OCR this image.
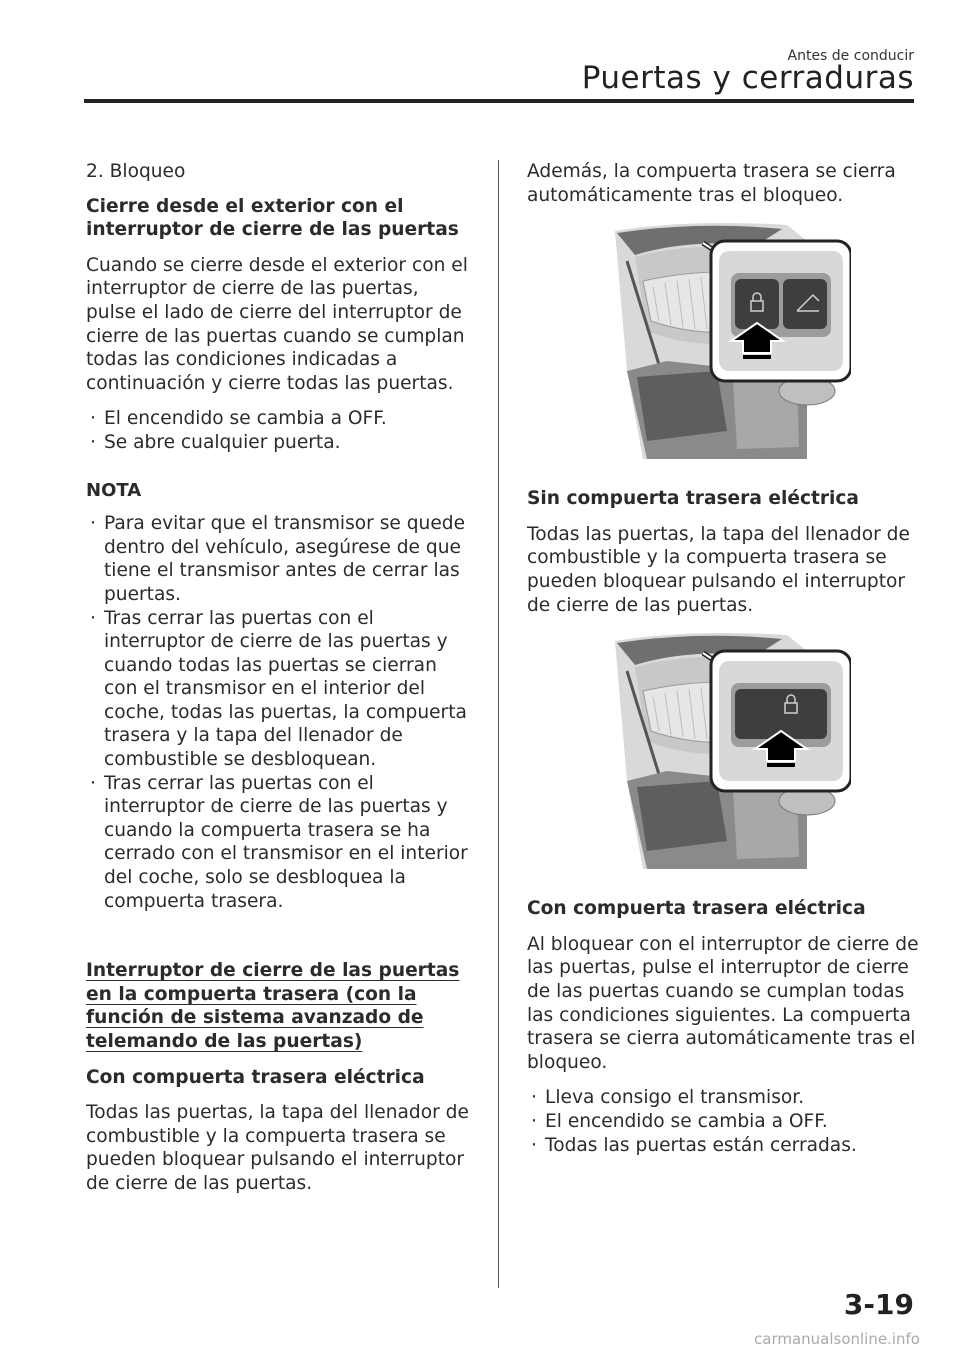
Antes de conducir
Puertas y cerraduras

2. Bloqueo

Cierre desde el exterior con el interruptor de cierre de las puertas

Cuando se cierre desde el exterior con el interruptor de cierre de las puertas, pulse el lado de cierre del interruptor de cierre de las puertas cuando se cumplan todas las condiciones indicadas a continuación y cierre todas las puertas.

· El encendido se cambia a OFF.
· Se abre cualquier puerta.

NOTA

· Para evitar que el transmisor se quede dentro del vehículo, asegúrese de que tiene el transmisor antes de cerrar las puertas.
· Tras cerrar las puertas con el interruptor de cierre de las puertas y cuando todas las puertas se cierran con el transmisor en el interior del coche, todas las puertas, la compuerta trasera y la tapa del llenador de combustible se desbloquean.
· Tras cerrar las puertas con el interruptor de cierre de las puertas y cuando la compuerta trasera se ha cerrado con el transmisor en el interior del coche, solo se desbloquea la compuerta trasera.

Interruptor de cierre de las puertas en la compuerta trasera (con la función de sistema avanzado de telemando de las puertas)

Con compuerta trasera eléctrica

Todas las puertas, la tapa del llenador de combustible y la compuerta trasera se pueden bloquear pulsando el interruptor de cierre de las puertas.

Además, la compuerta trasera se cierra automáticamente tras el bloqueo.

Sin compuerta trasera eléctrica

Todas las puertas, la tapa del llenador de combustible y la compuerta trasera se pueden bloquear pulsando el interruptor de cierre de las puertas.

Con compuerta trasera eléctrica

Al bloquear con el interruptor de cierre de las puertas, pulse el interruptor de cierre de las puertas cuando se cumplan todas las condiciones siguientes. La compuerta trasera se cierra automáticamente tras el bloqueo.

· Lleva consigo el transmisor.
· El encendido se cambia a OFF.
· Todas las puertas están cerradas.
3-19
carmanualsonline.info
